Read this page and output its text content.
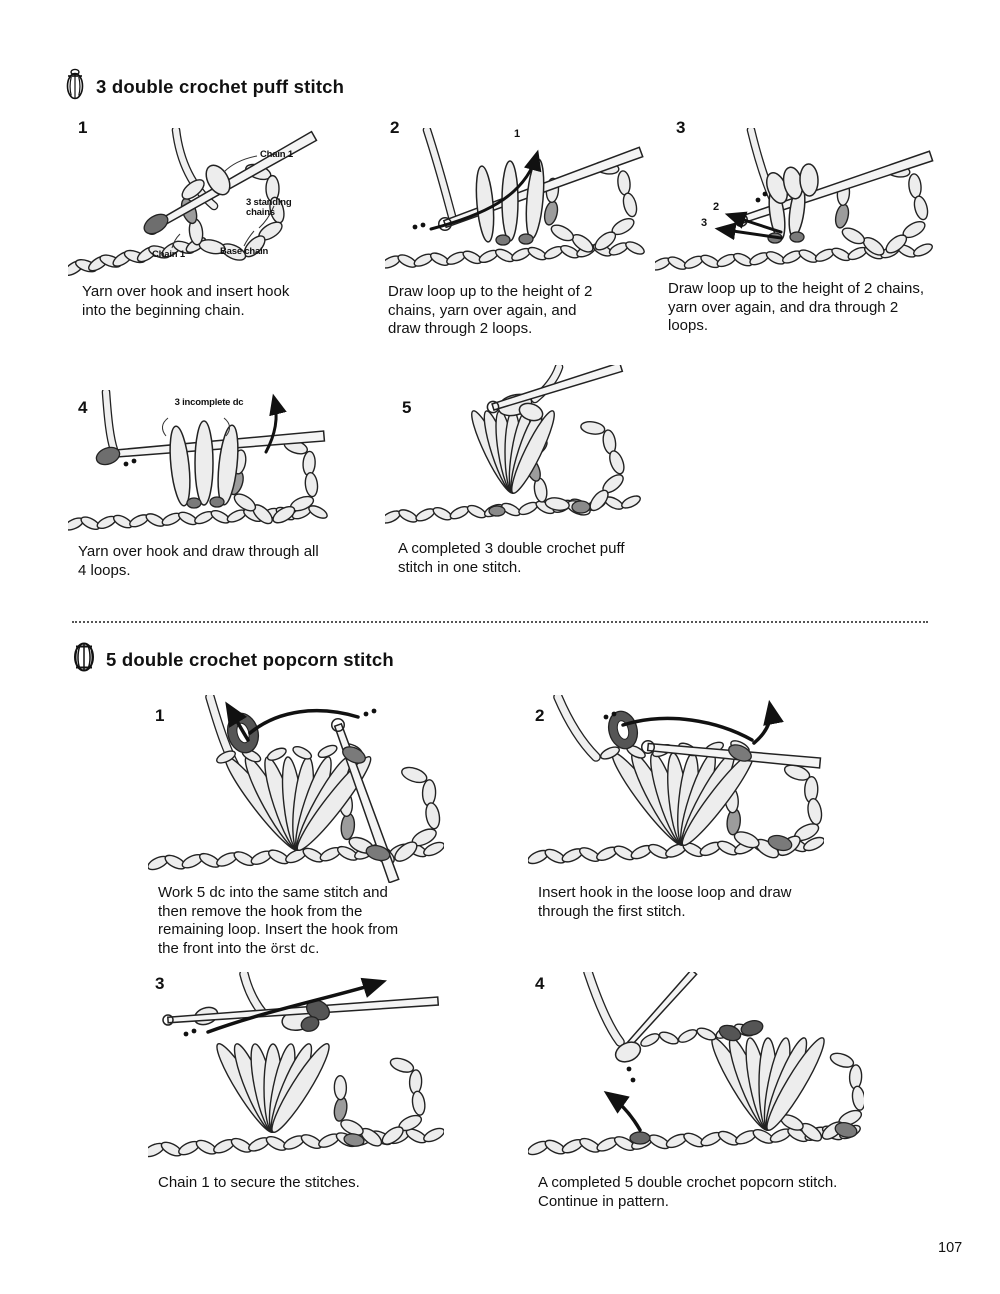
3 double crochet puff stitch
1
Chain 1
3 standing chains
Chain 1	Base chain
Yarn over hook and insert hook into the beginning chain.
2	1
Draw loop up to the height of 2 chains, yarn over again, and draw through 2 loops.
3
2
3
Draw loop up to the height of 2 chains, yarn over again, and dra through 2 loops.
4	3 incomplete dc
Yarn over hook and draw through all 4 loops.
5
A completed 3 double crochet puff stitch in one stitch.
5 double crochet popcorn stitch
1
Work 5 dc into the same stitch and then remove the hook from the remaining loop. Insert the hook from the front into the örst dc.
2
Insert hook in the loose loop and draw through the first stitch.
3
Chain 1 to secure the stitches.
4
A completed 5 double crochet popcorn stitch. Continue in pattern.
107
